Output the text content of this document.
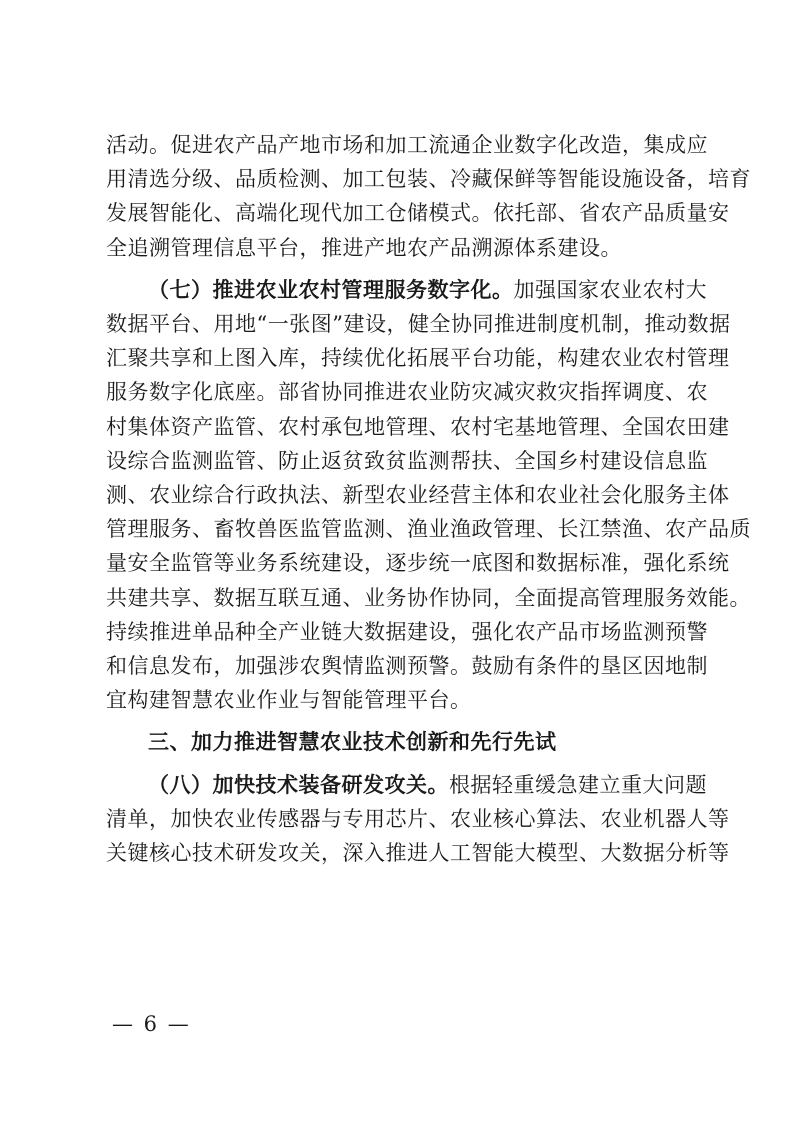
活动。促进农产品产地市场和加工流通企业数字化改造，集成应
用清选分级、品质检测、加工包装、冷藏保鲜等智能设施设备，培育
发展智能化、高端化现代加工仓储模式。依托部、省农产品质量安
全追溯管理信息平台，推进产地农产品溯源体系建设。

（七）推进农业农村管理服务数字化。加强国家农业农村大
数据平台、用地“一张图”建设，健全协同推进制度机制，推动数据
汇聚共享和上图入库，持续优化拓展平台功能，构建农业农村管理
服务数字化底座。部省协同推进农业防灾减灾救灾指挥调度、农
村集体资产监管、农村承包地管理、农村宅基地管理、全国农田建
设综合监测监管、防止返贫致贫监测帮扶、全国乡村建设信息监
测、农业综合行政执法、新型农业经营主体和农业社会化服务主体
管理服务、畜牧兽医监管监测、渔业渔政管理、长江禁渔、农产品质
量安全监管等业务系统建设，逐步统一底图和数据标准，强化系统
共建共享、数据互联互通、业务协作协同，全面提高管理服务效能。
持续推进单品种全产业链大数据建设，强化农产品市场监测预警
和信息发布，加强涉农舆情监测预警。鼓励有条件的垦区因地制
宜构建智慧农业作业与智能管理平台。

三、加力推进智慧农业技术创新和先行先试

（八）加快技术装备研发攻关。根据轻重缓急建立重大问题
清单，加快农业传感器与专用芯片、农业核心算法、农业机器人等
关键核心技术研发攻关，深入推进人工智能大模型、大数据分析等

— 6 —
